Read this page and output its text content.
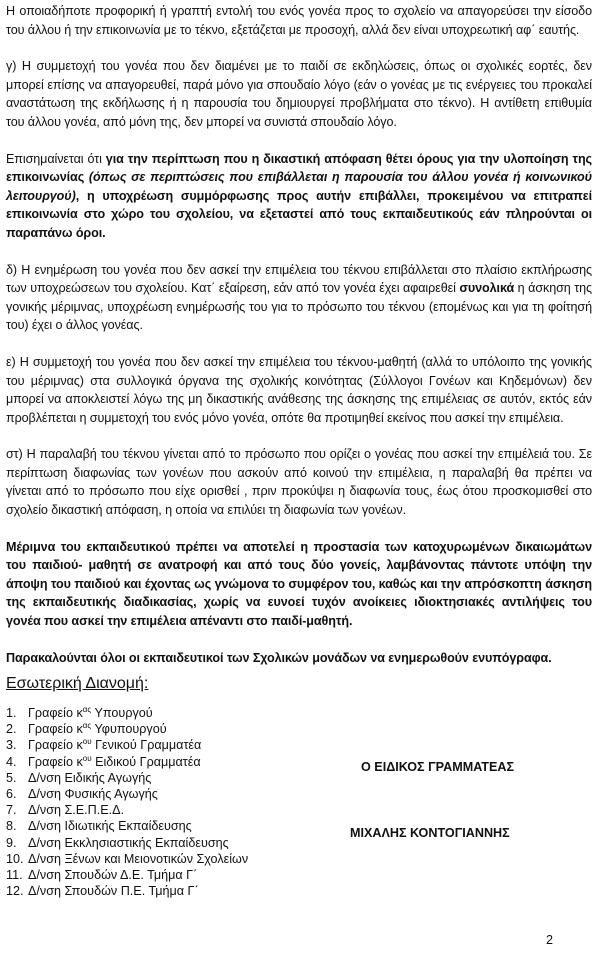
Η οποιαδήποτε προφορική ή γραπτή εντολή του ενός γονέα προς το σχολείο να απαγορεύσει την είσοδο του άλλου ή την επικοινωνία με το τέκνο, εξετάζεται με προσοχή, αλλά δεν είναι υποχρεωτική αφ΄ εαυτής.

γ) Η συμμετοχή του γονέα που δεν διαμένει με το παιδί σε εκδηλώσεις, όπως οι σχολικές εορτές, δεν μπορεί επίσης να απαγορευθεί, παρά μόνο για σπουδαίο λόγο (εάν ο γονέας με τις ενέργειες του προκαλεί αναστάτωση της εκδήλωσης ή η παρουσία του δημιουργεί προβλήματα στο τέκνο). Η αντίθετη επιθυμία του άλλου γονέα, από μόνη της, δεν μπορεί να συνιστά σπουδαίο λόγο.

Επισημαίνεται ότι για την περίπτωση που η δικαστική απόφαση θέτει όρους για την υλοποίηση της επικοινωνίας (όπως σε περιπτώσεις που επιβάλλεται η παρουσία του άλλου γονέα ή κοινωνικού λειτουργού), η υποχρέωση συμμόρφωσης προς αυτήν επιβάλλει, προκειμένου να επιτραπεί επικοινωνία στο χώρο του σχολείου, να εξεταστεί από τους εκπαιδευτικούς εάν πληρούνται οι παραπάνω όροι.

δ) Η ενημέρωση του γονέα που δεν ασκεί την επιμέλεια του τέκνου επιβάλλεται στο πλαίσιο εκπλήρωσης των υποχρεώσεων του σχολείου. Κατ΄ εξαίρεση, εάν από τον γονέα έχει αφαιρεθεί συνολικά η άσκηση της γονικής μέριμνας, υποχρέωση ενημέρωσής του για το πρόσωπο του τέκνου (επομένως και για τη φοίτησή του) έχει ο άλλος γονέας.

ε) Η συμμετοχή του γονέα που δεν ασκεί την επιμέλεια του τέκνου-μαθητή (αλλά το υπόλοιπο της γονικής του μέριμνας) στα συλλογικά όργανα της σχολικής κοινότητας (Σύλλογοι Γονέων και Κηδεμόνων) δεν μπορεί να αποκλειστεί λόγω της μη δικαστικής ανάθεσης της άσκησης της επιμέλειας σε αυτόν, εκτός εάν προβλέπεται η συμμετοχή του ενός μόνο γονέα, οπότε θα προτιμηθεί εκείνος που ασκεί την επιμέλεια.

στ) Η παραλαβή του τέκνου γίνεται από το πρόσωπο που ορίζει ο γονέας που ασκεί την επιμέλειά του. Σε περίπτωση διαφωνίας των γονέων που ασκούν από κοινού την επιμέλεια, η παραλαβή θα πρέπει να γίνεται από το πρόσωπο που είχε ορισθεί , πριν προκύψει η διαφωνία τους, έως ότου προσκομισθεί στο σχολείο δικαστική απόφαση, η οποία να επιλύει τη διαφωνία των γονέων.

Μέριμνα του εκπαιδευτικού πρέπει να αποτελεί η προστασία των κατοχυρωμένων δικαιωμάτων του παιδιού- μαθητή σε ανατροφή και από τους δύο γονείς, λαμβάνοντας πάντοτε υπόψη την άποψη του παιδιού και έχοντας ως γνώμονα το συμφέρον του, καθώς και την απρόσκοπτη άσκηση της εκπαιδευτικής διαδικασίας, χωρίς να ευνοεί τυχόν ανοίκειες ιδιοκτησιακές αντιλήψεις του γονέα που ασκεί την επιμέλεια απέναντι στο παιδί-μαθητή.

Παρακαλούνται όλοι οι εκπαιδευτικοί των Σχολικών μονάδων να ενημερωθούν ενυπόγραφα.

Εσωτερική Διανομή:

1. Γραφείο $\kappa^{\alpha\varsigma}$ Υπουργού
2. Γραφείο $\kappa^{\alpha\varsigma}$ Υφυπουργού
3. Γραφείο $\kappa^{o\upsilon}$ Γενικού Γραμματέα
4. Γραφείο $\kappa^{o\upsilon}$ Ειδικού Γραμματέα
5. Δ/νση Ειδικής Αγωγής
6. Δ/νση Φυσικής Αγωγής
7. Δ/νση Σ.Ε.Π.Ε.Δ.
8. Δ/νση Ιδιωτικής Εκπαίδευσης
9. Δ/νση Εκκλησιαστικής Εκπαίδευσης
10. Δ/νση Ξένων και Μειονοτικών Σχολείων
11. Δ/νση Σπουδών Δ.Ε. Τμήμα Γ΄
12. Δ/νση Σπουδών Π.Ε. Τμήμα Γ΄
Ο ΕΙΔΙΚΟΣ ΓΡΑΜΜΑΤΕΑΣ
ΜΙΧΑΛΗΣ ΚΟΝΤΟΓΙΑΝΝΗΣ
2
